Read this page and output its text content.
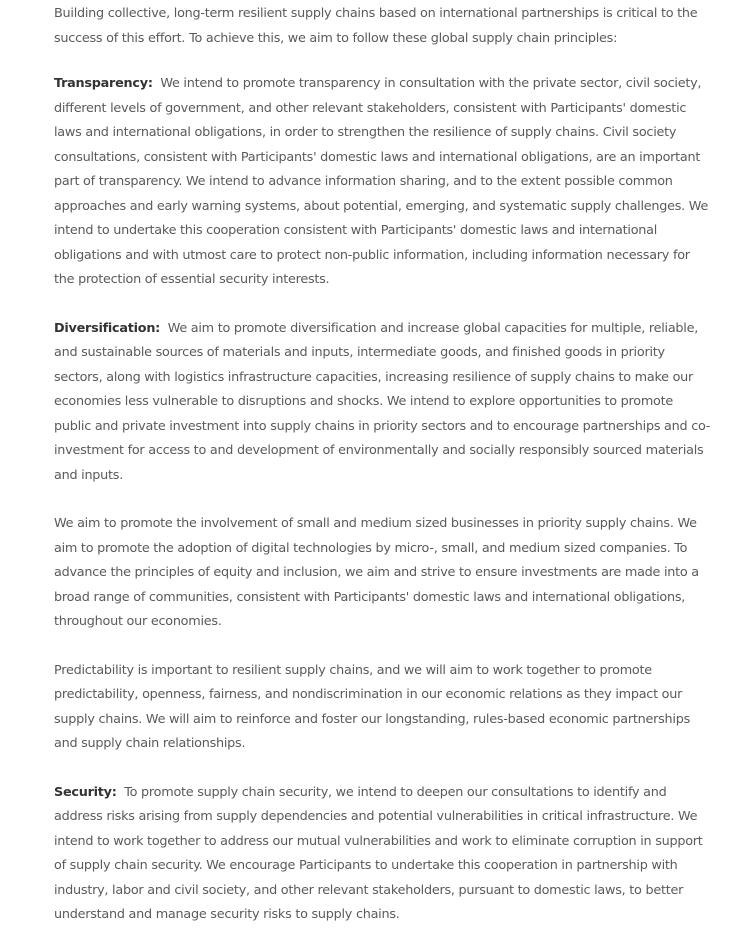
Building collective, long-term resilient supply chains based on international partnerships is critical to the success of this effort. To achieve this, we aim to follow these global supply chain principles:

Transparency: We intend to promote transparency in consultation with the private sector, civil society, different levels of government, and other relevant stakeholders, consistent with Participants' domestic laws and international obligations, in order to strengthen the resilience of supply chains. Civil society consultations, consistent with Participants' domestic laws and international obligations, are an important part of transparency. We intend to advance information sharing, and to the extent possible common approaches and early warning systems, about potential, emerging, and systematic supply challenges. We intend to undertake this cooperation consistent with Participants' domestic laws and international obligations and with utmost care to protect non-public information, including information necessary for the protection of essential security interests.

Diversification: We aim to promote diversification and increase global capacities for multiple, reliable, and sustainable sources of materials and inputs, intermediate goods, and finished goods in priority sectors, along with logistics infrastructure capacities, increasing resilience of supply chains to make our economies less vulnerable to disruptions and shocks. We intend to explore opportunities to promote public and private investment into supply chains in priority sectors and to encourage partnerships and co-investment for access to and development of environmentally and socially responsibly sourced materials and inputs.

We aim to promote the involvement of small and medium sized businesses in priority supply chains. We aim to promote the adoption of digital technologies by micro-, small, and medium sized companies. To advance the principles of equity and inclusion, we aim and strive to ensure investments are made into a broad range of communities, consistent with Participants' domestic laws and international obligations, throughout our economies.

Predictability is important to resilient supply chains, and we will aim to work together to promote predictability, openness, fairness, and nondiscrimination in our economic relations as they impact our supply chains. We will aim to reinforce and foster our longstanding, rules-based economic partnerships and supply chain relationships.

Security: To promote supply chain security, we intend to deepen our consultations to identify and address risks arising from supply dependencies and potential vulnerabilities in critical infrastructure. We intend to work together to address our mutual vulnerabilities and work to eliminate corruption in support of supply chain security. We encourage Participants to undertake this cooperation in partnership with industry, labor and civil society, and other relevant stakeholders, pursuant to domestic laws, to better understand and manage security risks to supply chains.
